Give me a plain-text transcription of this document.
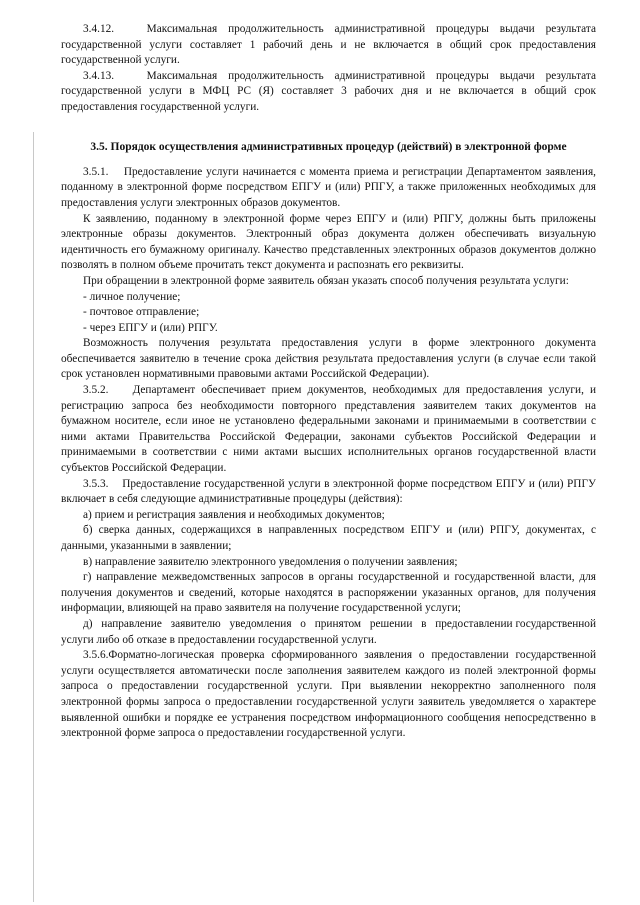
3.4.12.   Максимальная продолжительность административной процедуры выдачи результата государственной услуги составляет 1 рабочий день и не включается в общий срок предоставления государственной услуги.

3.4.13.   Максимальная продолжительность административной процедуры выдачи результата государственной услуги в МФЦ РС (Я) составляет 3 рабочих дня и не включается в общий срок предоставления государственной услуги.

3.5. Порядок осуществления административных процедур (действий) в электронной форме

3.5.1.    Предоставление услуги начинается с момента приема и регистрации Департаментом заявления, поданному в электронной форме посредством ЕПГУ и (или) РПГУ, а также приложенных необходимых для предоставления услуги электронных образов документов.

К заявлению, поданному в электронной форме через ЕПГУ и (или) РПГУ, должны быть приложены электронные образы документов. Электронный образ документа должен обеспечивать визуальную идентичность его бумажному оригиналу. Качество представленных электронных образов документов должно позволять в полном объеме прочитать текст документа и распознать его реквизиты.

При обращении в электронной форме заявитель обязан указать способ получения результата услуги:

- личное получение;

- почтовое отправление;

- через ЕПГУ и (или) РПГУ.

Возможность получения результата предоставления услуги в форме электронного документа обеспечивается заявителю в течение срока действия результата предоставления услуги (в случае если такой срок установлен нормативными правовыми актами Российской Федерации).

3.5.2.    Департамент обеспечивает прием документов, необходимых для предоставления услуги, и регистрацию запроса без необходимости повторного представления заявителем таких документов на бумажном носителе, если иное не установлено федеральными законами и принимаемыми в соответствии с ними актами Правительства Российской Федерации, законами субъектов Российской Федерации и принимаемыми в соответствии с ними актами высших исполнительных органов государственной власти субъектов Российской Федерации.

3.5.3.    Предоставление государственной услуги в электронной форме посредством ЕПГУ и (или) РПГУ включает в себя следующие административные процедуры (действия):

а) прием и регистрация заявления и необходимых документов;

б) сверка данных, содержащихся в направленных посредством ЕПГУ и (или) РПГУ, документах, с данными, указанными в заявлении;

в) направление заявителю электронного уведомления о получении заявления;

г) направление межведомственных запросов в органы государственной и государственной власти, для получения документов и сведений, которые находятся в распоряжении указанных органов, для получения информации, влияющей на право заявителя на получение государственной услуги;

д)   направление   заявителю   уведомления   о   принятом   решении   в   предоставлении государственной услуги либо об отказе в предоставлении государственной услуги.

3.5.6.Форматно-логическая проверка сформированного заявления о предоставлении государственной услуги осуществляется автоматически после заполнения заявителем каждого из полей электронной формы запроса о предоставлении государственной услуги. При выявлении некорректно заполненного поля электронной формы запроса о предоставлении государственной услуги заявитель уведомляется о характере выявленной ошибки и порядке ее устранения посредством информационного сообщения непосредственно в электронной форме запроса о предоставлении государственной услуги.
